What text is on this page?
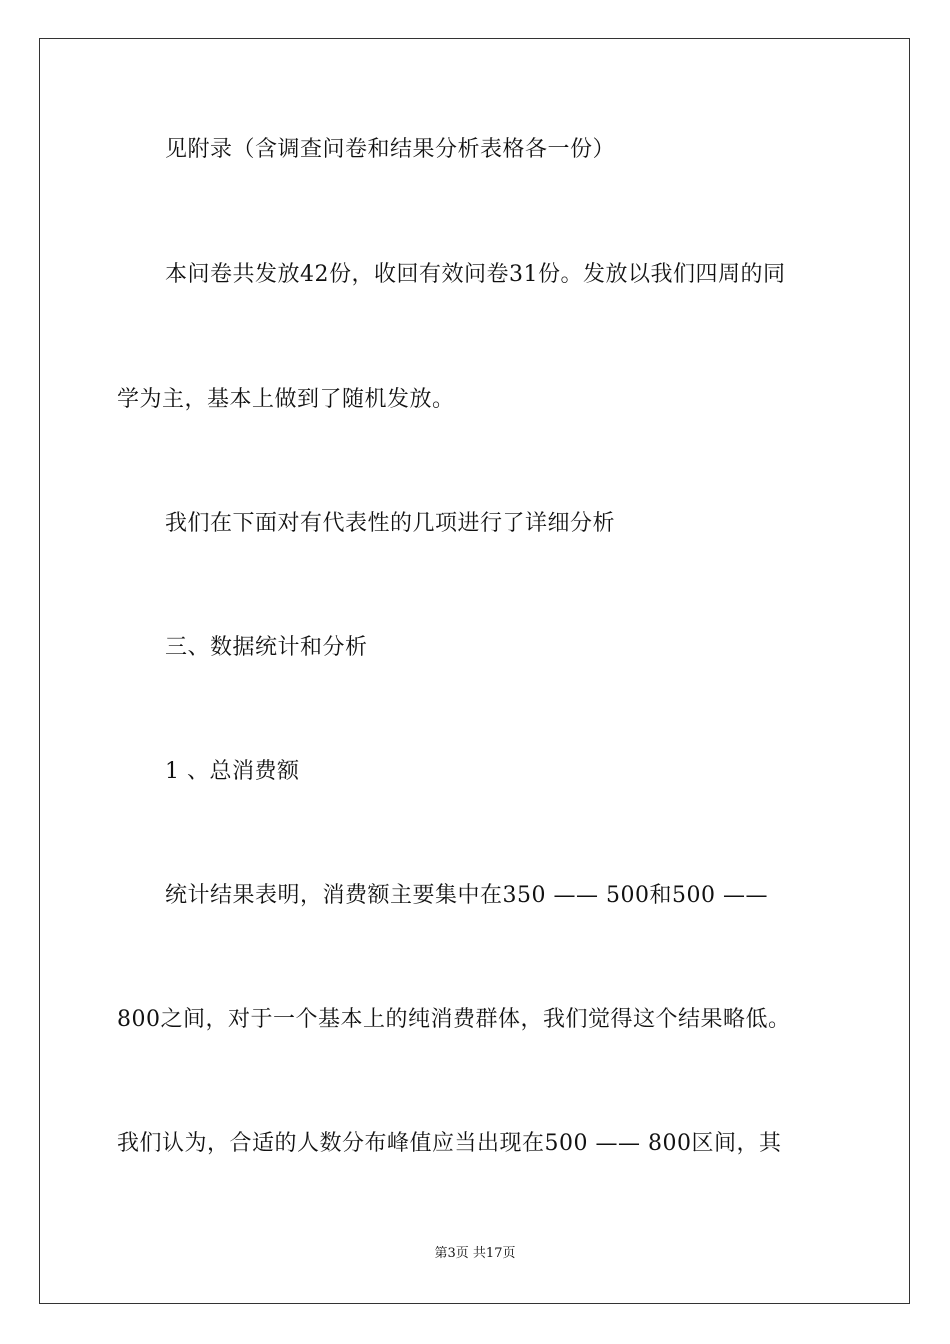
见附录（含调查问卷和结果分析表格各一份）
本问卷共发放42份，收回有效问卷31份。发放以我们四周的同
学为主，基本上做到了随机发放。
我们在下面对有代表性的几项进行了详细分析
三、数据统计和分析
1 、总消费额
统计结果表明，消费额主要集中在350 —— 500和500 ——
800之间，对于一个基本上的纯消费群体，我们觉得这个结果略低。
我们认为，合适的人数分布峰值应当出现在500 —— 800区间，其
第3页 共17页
